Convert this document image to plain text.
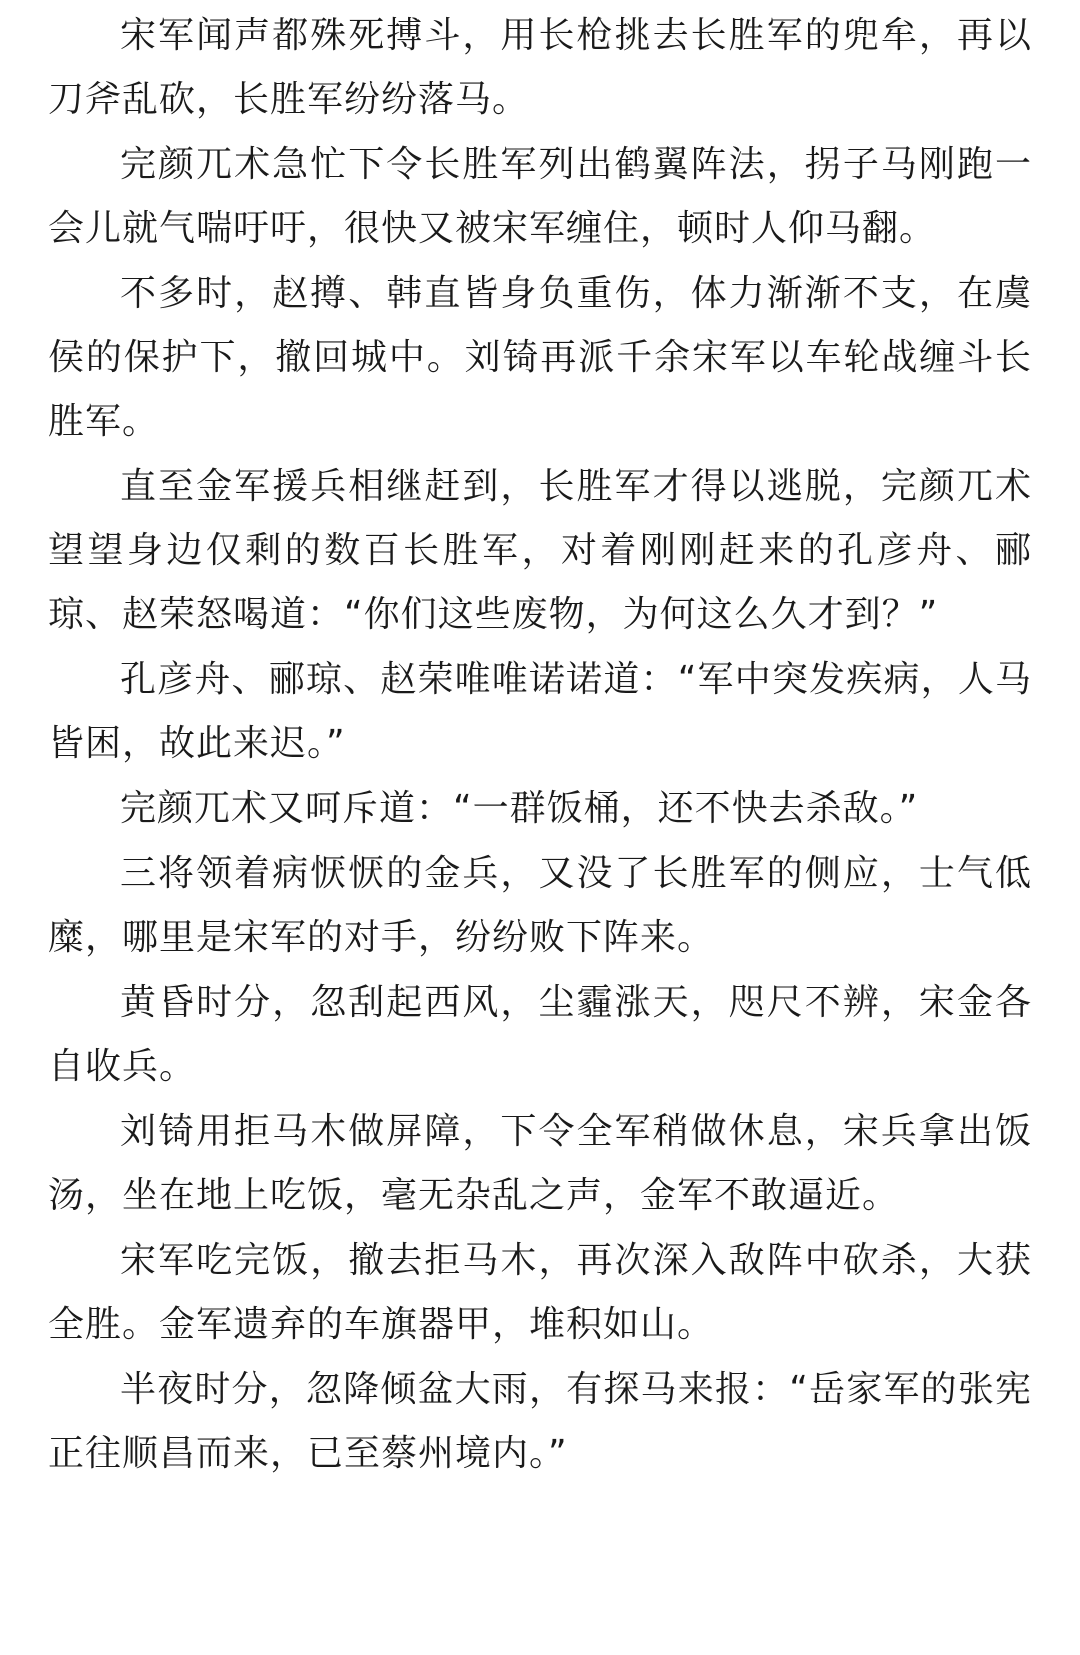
宋军闻声都殊死搏斗，用长枪挑去长胜军的兜牟，再以刀斧乱砍，长胜军纷纷落马。

完颜兀术急忙下令长胜军列出鹤翼阵法，拐子马刚跑一会儿就气喘吁吁，很快又被宋军缠住，顿时人仰马翻。

不多时，赵撙、韩直皆身负重伤，体力渐渐不支，在虞侯的保护下，撤回城中。刘锜再派千余宋军以车轮战缠斗长胜军。

直至金军援兵相继赶到，长胜军才得以逃脱，完颜兀术望望身边仅剩的数百长胜军，对着刚刚赶来的孔彦舟、郦琼、赵荣怒喝道：“你们这些废物，为何这么久才到？”

孔彦舟、郦琼、赵荣唯唯诺诺道：“军中突发疾病，人马皆困，故此来迟。”

完颜兀术又呵斥道：“一群饭桶，还不快去杀敌。”

三将领着病恹恹的金兵，又没了长胜军的侧应，士气低糜，哪里是宋军的对手，纷纷败下阵来。

黄昏时分，忽刮起西风，尘霾涨天，咫尺不辨，宋金各自收兵。

刘锜用拒马木做屏障，下令全军稍做休息，宋兵拿出饭汤，坐在地上吃饭，毫无杂乱之声，金军不敢逼近。

宋军吃完饭，撤去拒马木，再次深入敌阵中砍杀，大获全胜。金军遗弃的车旗器甲，堆积如山。

半夜时分，忽降倾盆大雨，有探马来报：“岳家军的张宪正往顺昌而来，已至蔡州境内。”
